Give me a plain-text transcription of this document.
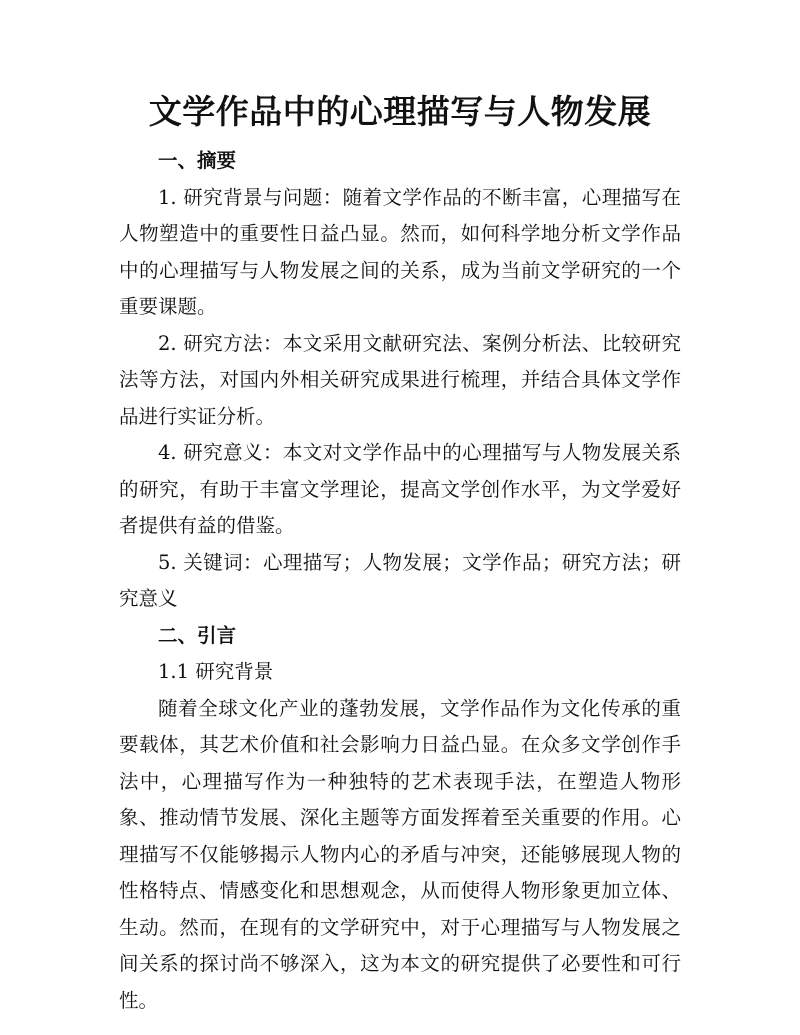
文学作品中的心理描写与人物发展

一、摘要

1. 研究背景与问题：随着文学作品的不断丰富，心理描写在人物塑造中的重要性日益凸显。然而，如何科学地分析文学作品中的心理描写与人物发展之间的关系，成为当前文学研究的一个重要课题。

2. 研究方法：本文采用文献研究法、案例分析法、比较研究法等方法，对国内外相关研究成果进行梳理，并结合具体文学作品进行实证分析。

4. 研究意义：本文对文学作品中的心理描写与人物发展关系的研究，有助于丰富文学理论，提高文学创作水平，为文学爱好者提供有益的借鉴。

5. 关键词：心理描写；人物发展；文学作品；研究方法；研究意义

二、引言

1.1 研究背景

随着全球文化产业的蓬勃发展，文学作品作为文化传承的重要载体，其艺术价值和社会影响力日益凸显。在众多文学创作手法中，心理描写作为一种独特的艺术表现手法，在塑造人物形象、推动情节发展、深化主题等方面发挥着至关重要的作用。心理描写不仅能够揭示人物内心的矛盾与冲突，还能够展现人物的性格特点、情感变化和思想观念，从而使得人物形象更加立体、生动。然而，在现有的文学研究中，对于心理描写与人物发展之间关系的探讨尚不够深入，这为本文的研究提供了必要性和可行性。
